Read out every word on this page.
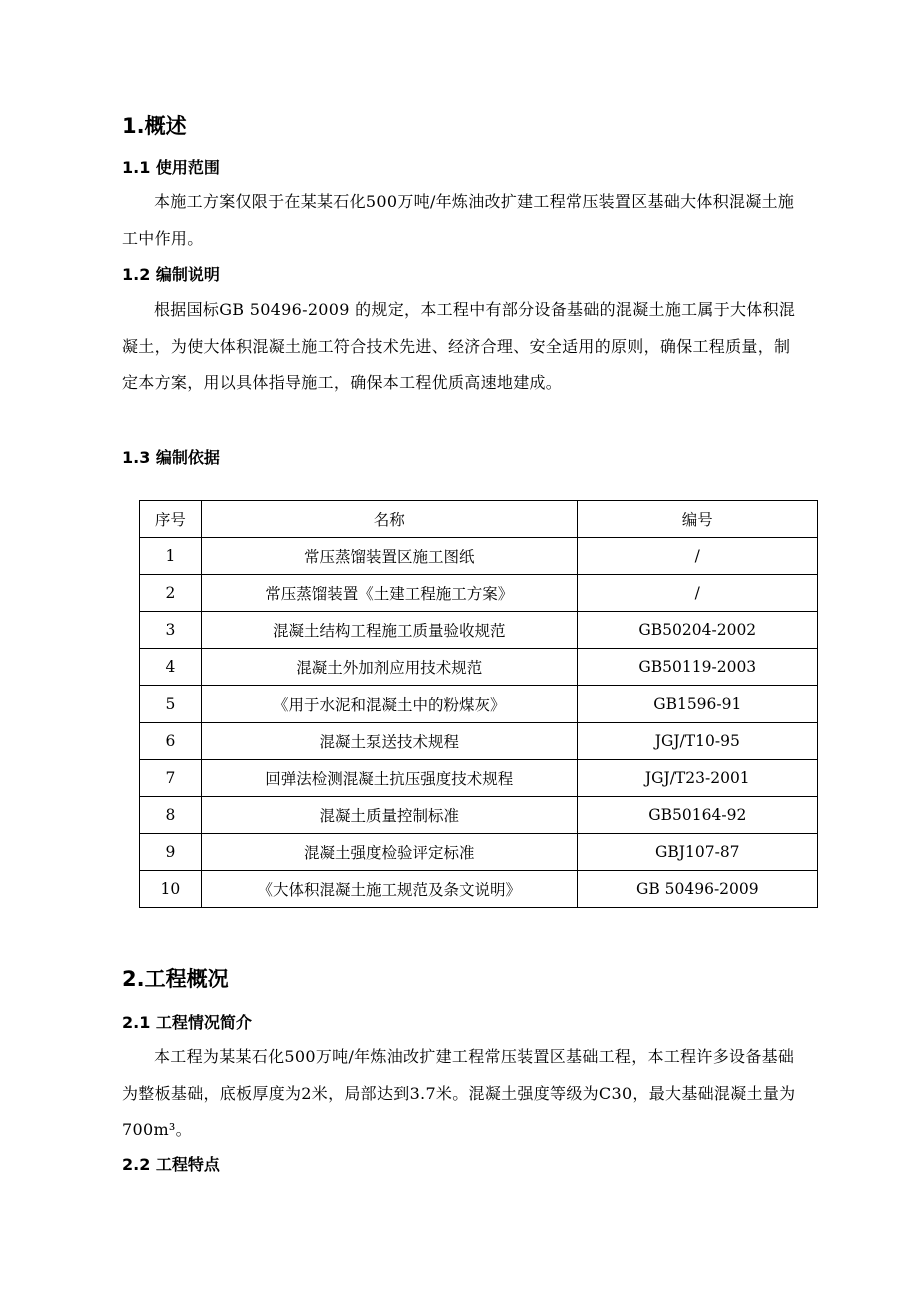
1.概述
1.1 使用范围

本施工方案仅限于在某某石化500万吨/年炼油改扩建工程常压装置区基础大体积混凝土施工中作用。

1.2 编制说明

根据国标GB 50496-2009 的规定，本工程中有部分设备基础的混凝土施工属于大体积混凝土，为使大体积混凝土施工符合技术先进、经济合理、安全适用的原则，确保工程质量，制定本方案，用以具体指导施工，确保本工程优质高速地建成。

1.3 编制依据
序号	名称	编号
1	常压蒸馏装置区施工图纸	/
2	常压蒸馏装置《土建工程施工方案》	/
3	混凝土结构工程施工质量验收规范	GB50204-2002
4	混凝土外加剂应用技术规范	GB50119-2003
5	《用于水泥和混凝土中的粉煤灰》	GB1596-91
6	混凝土泵送技术规程	JGJ/T10-95
7	回弹法检测混凝土抗压强度技术规程	JGJ/T23-2001
8	混凝土质量控制标准	GB50164-92
9	混凝土强度检验评定标准	GBJ107-87
10	《大体积混凝土施工规范及条文说明》	GB 50496-2009
2.工程概况
2.1 工程情况简介

本工程为某某石化500万吨/年炼油改扩建工程常压装置区基础工程，本工程许多设备基础为整板基础，底板厚度为2米，局部达到3.7米。混凝土强度等级为C30，最大基础混凝土量为700m³。

2.2 工程特点
